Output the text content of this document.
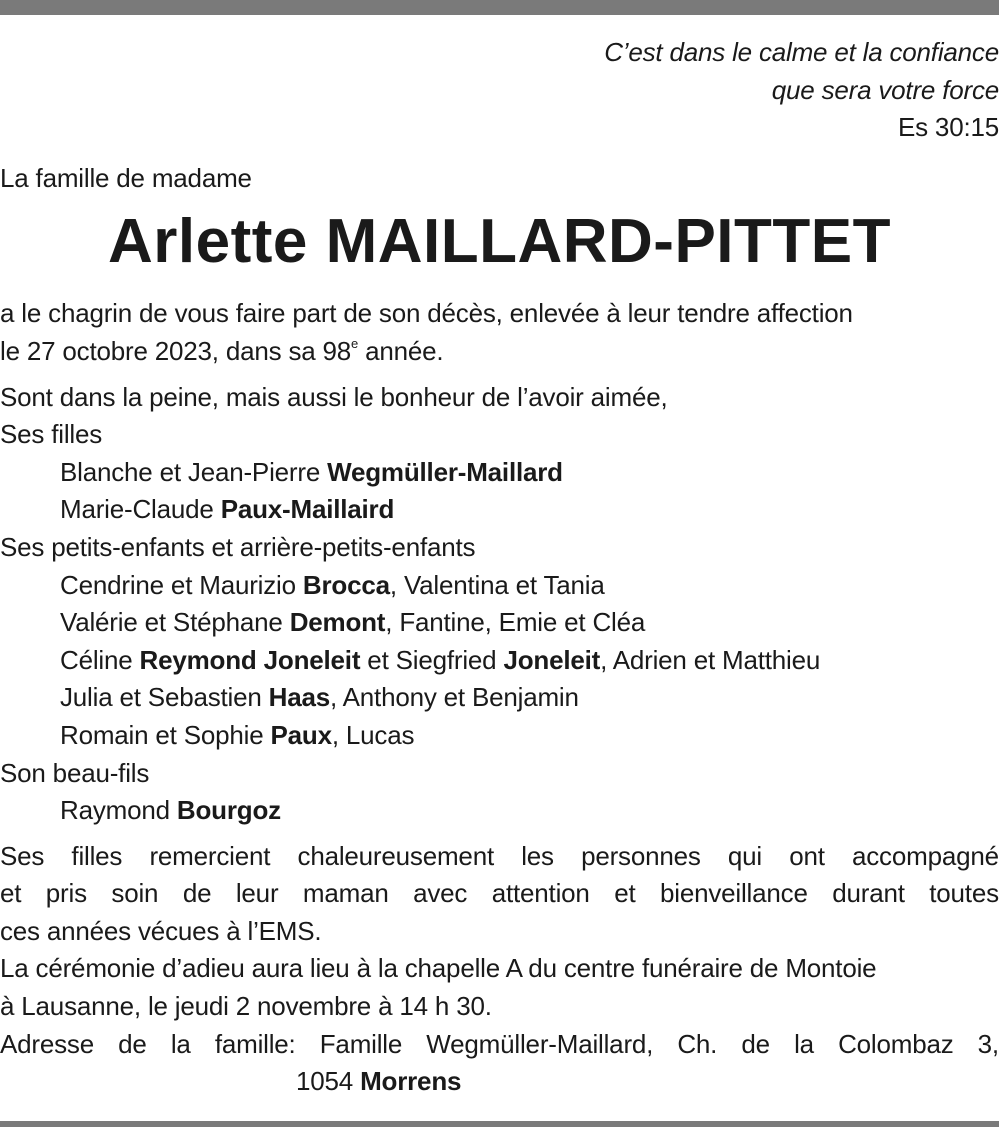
C’est dans le calme et la confiance
que sera votre force
Es 30:15
La famille de madame
Arlette MAILLARD-PITTET
a le chagrin de vous faire part de son décès, enlevée à leur tendre affection
le 27 octobre 2023, dans sa 98e année.
Sont dans la peine, mais aussi le bonheur de l’avoir aimée,
Ses filles
Blanche et Jean-Pierre Wegmüller-Maillard
Marie-Claude Paux-Maillaird
Ses petits-enfants et arrière-petits-enfants
Cendrine et Maurizio Brocca, Valentina et Tania
Valérie et Stéphane Demont, Fantine, Emie et Cléa
Céline Reymond Joneleit et Siegfried Joneleit, Adrien et Matthieu
Julia et Sebastien Haas, Anthony et Benjamin
Romain et Sophie Paux, Lucas
Son beau-fils
Raymond Bourgoz
Ses filles remercient chaleureusement les personnes qui ont accompagné
et pris soin de leur maman avec attention et bienveillance durant toutes
ces années vécues à l’EMS.
La cérémonie d’adieu aura lieu à la chapelle A du centre funéraire de Montoie
à Lausanne, le jeudi 2 novembre à 14 h 30.
Adresse de la famille: Famille Wegmüller-Maillard, Ch. de la Colombaz 3,
1054 Morrens
